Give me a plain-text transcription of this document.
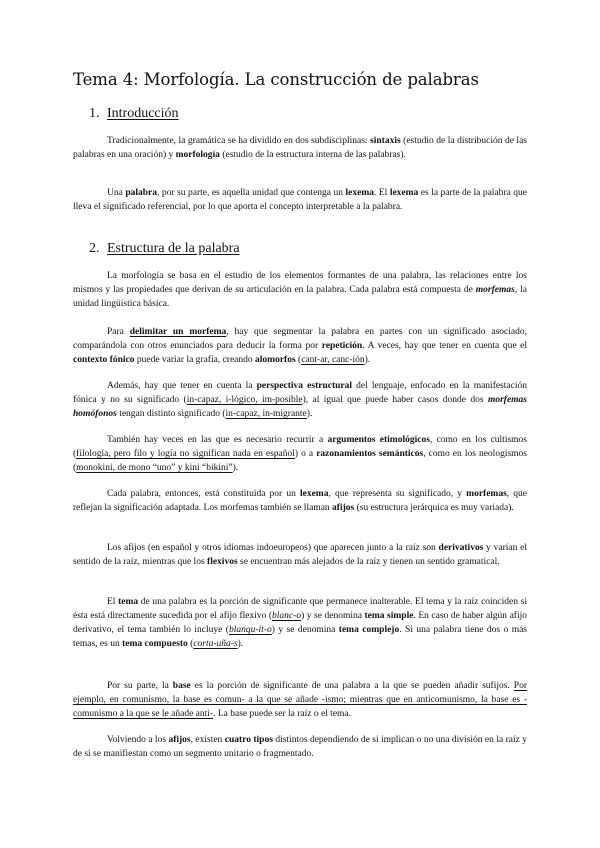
Tema 4: Morfología. La construcción de palabras
1. Introducción

Tradicionalmente, la gramática se ha dividido en dos subdisciplinas: sintaxis (estudio de la distribución de las palabras en una oración) y morfología (estudio de la estructura interna de las palabras).

Una palabra, por su parte, es aquella unidad que contenga un lexema. El lexema es la parte de la palabra que lleva el significado referencial, por lo que aporta el concepto interpretable a la palabra.

2. Estructura de la palabra

La morfología se basa en el estudio de los elementos formantes de una palabra, las relaciones entre los mismos y las propiedades que derivan de su articulación en la palabra. Cada palabra está compuesta de morfemas, la unidad lingüística básica.

Para delimitar un morfema, hay que segmentar la palabra en partes con un significado asociado, comparándola con otros enunciados para deducir la forma por repetición. A veces, hay que tener en cuenta que el contexto fónico puede variar la grafía, creando alomorfos (cant-ar, canc-ión).

Además, hay que tener en cuenta la perspectiva estructural del lenguaje, enfocado en la manifestación fónica y no su significado (in-capaz, i-lógico, im-posible), al igual que puede haber casos donde dos morfemas homófonos tengan distinto significado (in-capaz, in-migrante).

También hay veces en las que es necesario recurrir a argumentos etimológicos, como en los cultismos (filología, pero filo y logía no significan nada en español) o a razonamientos semánticos, como en los neologismos (monokini, de mono “uno” y kini “bikini”).

Cada palabra, entonces, está constituida por un lexema, que representa su significado, y morfemas, que reflejan la significación adaptada. Los morfemas también se llaman afijos (su estructura jerárquica es muy variada).

Los afijos (en español y otros idiomas indoeuropeos) que aparecen junto a la raíz son derivativos y varían el sentido de la raíz, mientras que los flexivos se encuentran más alejados de la raíz y tienen un sentido gramatical.

El tema de una palabra es la porción de significante que permanece inalterable. El tema y la raíz coinciden si ésta está directamente sucedida por el afijo flexivo (blanc-o) y se denomina tema simple. En caso de haber algún afijo derivativo, el tema también lo incluye (blanqu-it-o) y se denomina tema complejo. Si una palabra tiene dos o más temas, es un tema compuesto (corta-uña-s).

Por su parte, la base es la porción de significante de una palabra a la que se pueden añadir sufijos. Por ejemplo, en comunismo, la base es comun- a la que se añade -ismo; mientras que en anticomunismo, la base es -comunismo a la que se le añade anti-. La base puede ser la raíz o el tema.

Volviendo a los afijos, existen cuatro tipos distintos dependiendo de si implican o no una división en la raíz y de si se manifiestan como un segmento unitario o fragmentado.
